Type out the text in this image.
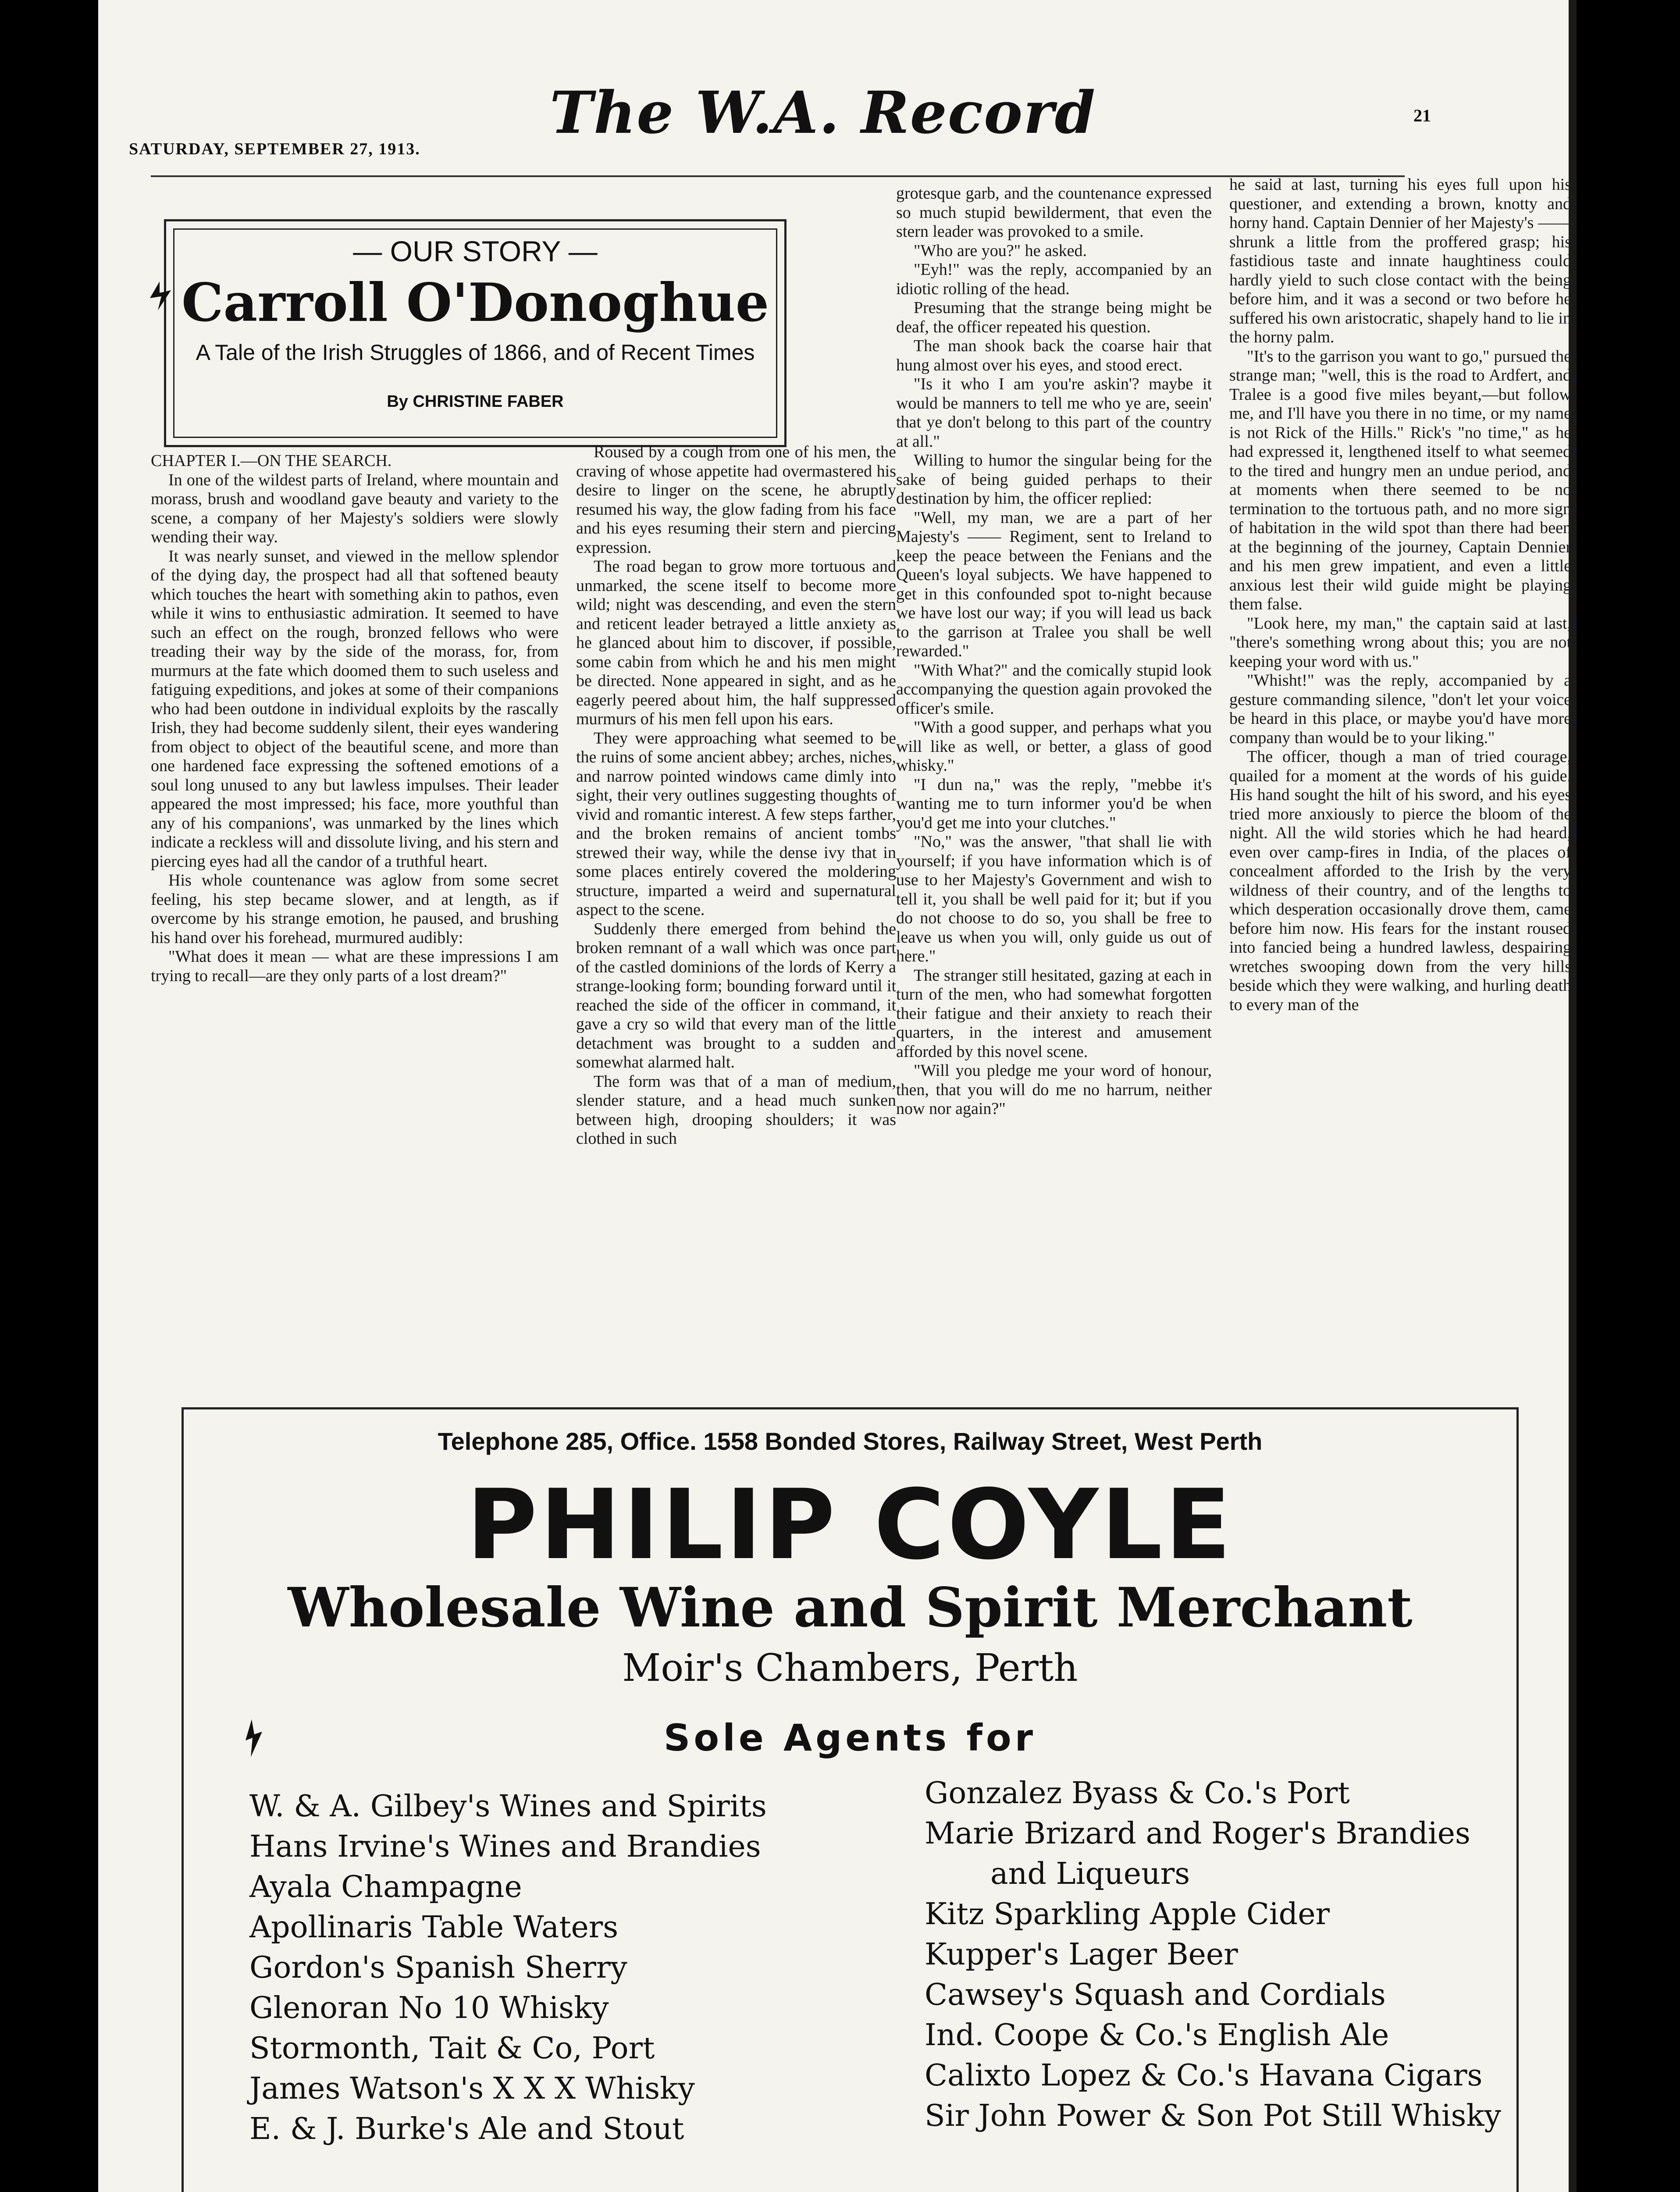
SATURDAY, SEPTEMBER 27, 1913.
The W.A. Record	21
— OUR STORY —
Carroll O'Donoghue
A Tale of the Irish Struggles of 1866, and of Recent Times
By CHRISTINE FABER

CHAPTER I.—ON THE SEARCH.

In one of the wildest parts of Ireland, where mountain and morass, brush and woodland gave beauty and variety to the scene, a company of her Majesty's soldiers were slowly wending their way.

It was nearly sunset, and viewed in the mellow splendor of the dying day, the prospect had all that softened beauty which touches the heart with something akin to pathos, even while it wins to enthusiastic admiration. It seemed to have such an effect on the rough, bronzed fellows who were treading their way by the side of the morass, for, from murmurs at the fate which doomed them to such useless and fatiguing expeditions, and jokes at some of their companions who had been outdone in individual exploits by the rascally Irish, they had become suddenly silent, their eyes wandering from object to object of the beautiful scene, and more than one hardened face expressing the softened emotions of a soul long unused to any but lawless impulses. Their leader appeared the most impressed; his face, more youthful than any of his companions', was unmarked by the lines which indicate a reckless will and dissolute living, and his stern and piercing eyes had all the candor of a truthful heart.

His whole countenance was aglow from some secret feeling, his step became slower, and at length, as if overcome by his strange emotion, he paused, and brushing his hand over his forehead, murmured audibly:

"What does it mean — what are these impressions I am trying to recall—are they only parts of a lost dream?"

Roused by a cough from one of his men, the craving of whose appetite had overmastered his desire to linger on the scene, he abruptly resumed his way, the glow fading from his face and his eyes resuming their stern and piercing expression.

The road began to grow more tortuous and unmarked, the scene itself to become more wild; night was descending, and even the stern and reticent leader betrayed a little anxiety as he glanced about him to discover, if possible, some cabin from which he and his men might be directed. None appeared in sight, and as he eagerly peered about him, the half suppressed murmurs of his men fell upon his ears.

They were approaching what seemed to be the ruins of some ancient abbey; arches, niches, and narrow pointed windows came dimly into sight, their very outlines suggesting thoughts of vivid and romantic interest. A few steps farther, and the broken remains of ancient tombs strewed their way, while the dense ivy that in some places entirely covered the moldering structure, imparted a weird and supernatural aspect to the scene.

Suddenly there emerged from behind the broken remnant of a wall which was once part of the castled dominions of the lords of Kerry a strange-looking form; bounding forward until it reached the side of the officer in command, it gave a cry so wild that every man of the little detachment was brought to a sudden and somewhat alarmed halt.

The form was that of a man of medium, slender stature, and a head much sunken between high, drooping shoulders; it was clothed in such

grotesque garb, and the countenance expressed so much stupid bewilderment, that even the stern leader was provoked to a smile.

"Who are you?" he asked.

"Eyh!" was the reply, accompanied by an idiotic rolling of the head.

Presuming that the strange being might be deaf, the officer repeated his question.

The man shook back the coarse hair that hung almost over his eyes, and stood erect.

"Is it who I am you're askin'? maybe it would be manners to tell me who ye are, seein' that ye don't belong to this part of the country at all."

Willing to humor the singular being for the sake of being guided perhaps to their destination by him, the officer replied:

"Well, my man, we are a part of her Majesty's —— Regiment, sent to Ireland to keep the peace between the Fenians and the Queen's loyal subjects. We have happened to get in this confounded spot to-night because we have lost our way; if you will lead us back to the garrison at Tralee you shall be well rewarded."

"With What?" and the comically stupid look accompanying the question again provoked the officer's smile.

"With a good supper, and perhaps what you will like as well, or better, a glass of good whisky."

"I dun na," was the reply, "mebbe it's wanting me to turn informer you'd be when you'd get me into your clutches."

"No," was the answer, "that shall lie with yourself; if you have information which is of use to her Majesty's Government and wish to tell it, you shall be well paid for it; but if you do not choose to do so, you shall be free to leave us when you will, only guide us out of here."

The stranger still hesitated, gazing at each in turn of the men, who had somewhat forgotten their fatigue and their anxiety to reach their quarters, in the interest and amusement afforded by this novel scene.

"Will you pledge me your word of honour, then, that you will do me no harrum, neither now nor again?"

he said at last, turning his eyes full upon his questioner, and extending a brown, knotty and horny hand. Captain Dennier of her Majesty's —— shrunk a little from the proffered grasp; his fastidious taste and innate haughtiness could hardly yield to such close contact with the being before him, and it was a second or two before he suffered his own aristocratic, shapely hand to lie in the horny palm.

"It's to the garrison you want to go," pursued the strange man; "well, this is the road to Ardfert, and Tralee is a good five miles beyant,—but follow me, and I'll have you there in no time, or my name is not Rick of the Hills." Rick's "no time," as he had expressed it, lengthened itself to what seemed to the tired and hungry men an undue period, and at moments when there seemed to be no termination to the tortuous path, and no more sign of habitation in the wild spot than there had been at the beginning of the journey, Captain Dennier and his men grew impatient, and even a little anxious lest their wild guide might be playing them false.

"Look here, my man," the captain said at last, "there's something wrong about this; you are not keeping your word with us."

"Whisht!" was the reply, accompanied by a gesture commanding silence, "don't let your voice be heard in this place, or maybe you'd have more company than would be to your liking."

The officer, though a man of tried courage, quailed for a moment at the words of his guide. His hand sought the hilt of his sword, and his eyes tried more anxiously to pierce the bloom of the night. All the wild stories which he had heard, even over camp-fires in India, of the places of concealment afforded to the Irish by the very wildness of their country, and of the lengths to which desperation occasionally drove them, came before him now. His fears for the instant roused into fancied being a hundred lawless, despairing wretches swooping down from the very hills beside which they were walking, and hurling death to every man of the

Telephone 285, Office. 1558 Bonded Stores, Railway Street, West Perth
PHILIP COYLE
Wholesale Wine and Spirit Merchant
Moir's Chambers, Perth
Sole Agents for
W. & A. Gilbey's Wines and Spirits
Hans Irvine's Wines and Brandies
Ayala Champagne
Apollinaris Table Waters
Gordon's Spanish Sherry
Glenoran No 10 Whisky
Stormonth, Tait & Co, Port
James Watson's X X X Whisky
E. & J. Burke's Ale and Stout
Gonzalez Byass & Co.'s Port
Marie Brizard and Roger's Brandies
and Liqueurs
Kitz Sparkling Apple Cider
Kupper's Lager Beer
Cawsey's Squash and Cordials
Ind. Coope & Co.'s English Ale
Calixto Lopez & Co.'s Havana Cigars
Sir John Power & Son Pot Still Whisky
